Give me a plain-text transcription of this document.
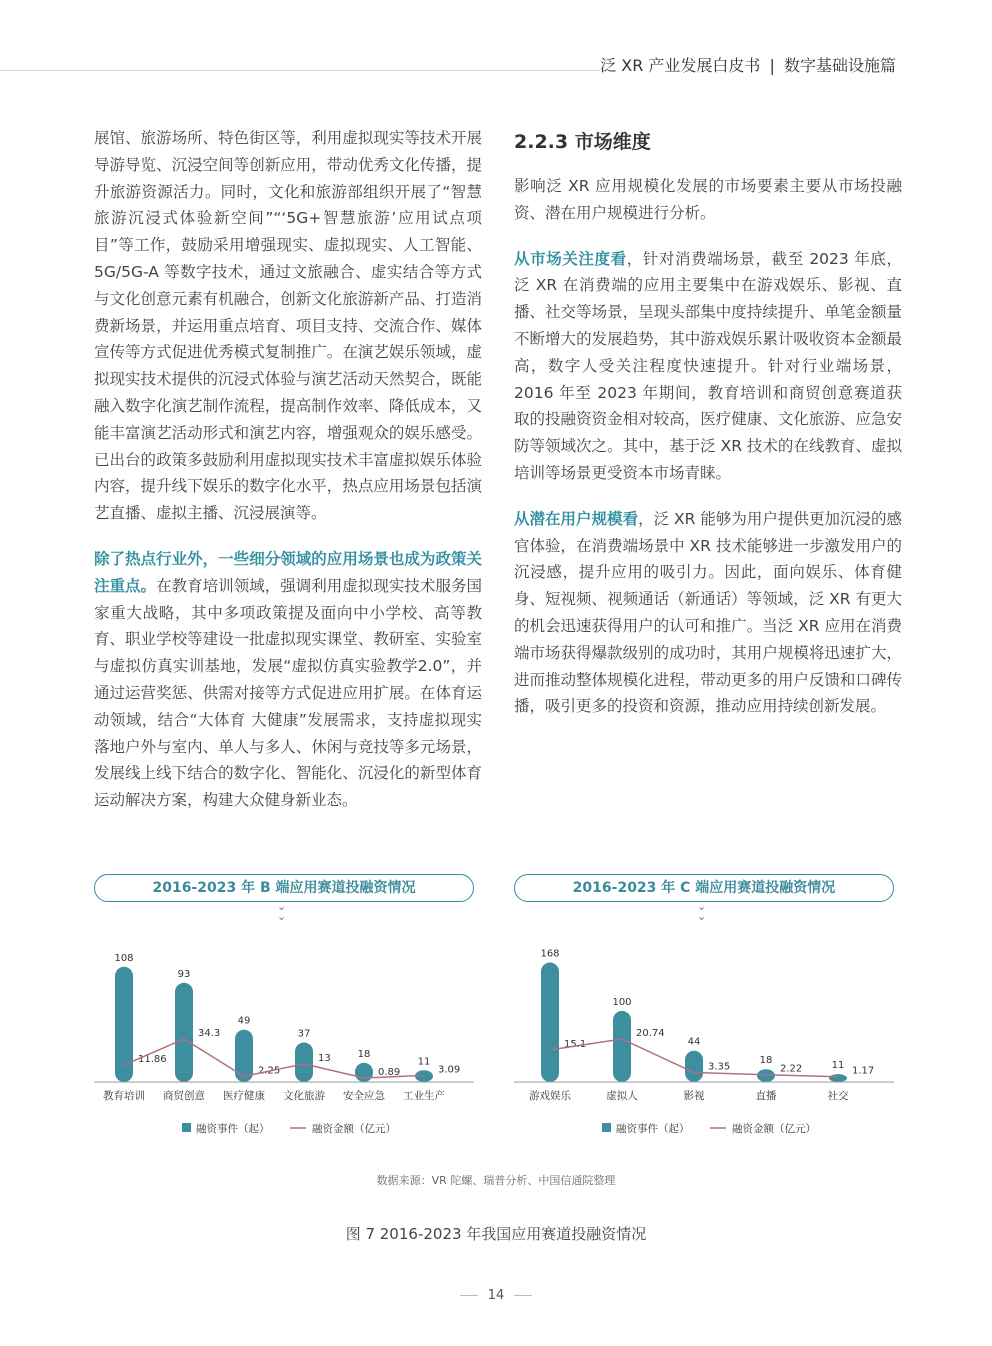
泛 XR 产业发展白皮书 | 数字基础设施篇

展馆、旅游场所、特色街区等，利用虚拟现实等技术开展导游导览、沉浸空间等创新应用，带动优秀文化传播，提升旅游资源活力。同时，文化和旅游部组织开展了“智慧旅游沉浸式体验新空间”“‘5G+智慧旅游’应用试点项目”等工作，鼓励采用增强现实、虚拟现实、人工智能、5G/5G-A 等数字技术，通过文旅融合、虚实结合等方式与文化创意元素有机融合，创新文化旅游新产品、打造消费新场景，并运用重点培育、项目支持、交流合作、媒体宣传等方式促进优秀模式复制推广。在演艺娱乐领域，虚拟现实技术提供的沉浸式体验与演艺活动天然契合，既能融入数字化演艺制作流程，提高制作效率、降低成本，又能丰富演艺活动形式和演艺内容，增强观众的娱乐感受。已出台的政策多鼓励利用虚拟现实技术丰富虚拟娱乐体验内容，提升线下娱乐的数字化水平，热点应用场景包括演艺直播、虚拟主播、沉浸展演等。

除了热点行业外，一些细分领域的应用场景也成为政策关注重点。在教育培训领域，强调利用虚拟现实技术服务国家重大战略，其中多项政策提及面向中小学校、高等教育、职业学校等建设一批虚拟现实课堂、教研室、实验室与虚拟仿真实训基地，发展“虚拟仿真实验教学2.0”，并通过运营奖惩、供需对接等方式促进应用扩展。在体育运动领域，结合“大体育 大健康”发展需求，支持虚拟现实落地户外与室内、单人与多人、休闲与竞技等多元场景，发展线上线下结合的数字化、智能化、沉浸化的新型体育运动解决方案，构建大众健身新业态。

2.2.3 市场维度

影响泛 XR 应用规模化发展的市场要素主要从市场投融资、潜在用户规模进行分析。

从市场关注度看，针对消费端场景，截至 2023 年底，泛 XR 在消费端的应用主要集中在游戏娱乐、影视、直播、社交等场景，呈现头部集中度持续提升、单笔金额量不断增大的发展趋势，其中游戏娱乐累计吸收资本金额最高，数字人受关注程度快速提升。针对行业端场景，2016 年至 2023 年期间，教育培训和商贸创意赛道获取的投融资资金相对较高，医疗健康、文化旅游、应急安防等领域次之。其中，基于泛 XR 技术的在线教育、虚拟培训等场景更受资本市场青睐。

从潜在用户规模看，泛 XR 能够为用户提供更加沉浸的感官体验，在消费端场景中 XR 技术能够进一步激发用户的沉浸感，提升应用的吸引力。因此，面向娱乐、体育健身、短视频、视频通话（新通话）等领域，泛 XR 有更大的机会迅速获得用户的认可和推广。当泛 XR 应用在消费端市场获得爆款级别的成功时，其用户规模将迅速扩大，进而推动整体规模化进程，带动更多的用户反馈和口碑传播，吸引更多的投资和资源，推动应用持续创新发展。

2016-2023 年 B 端应用赛道投融资情况
⌄
⌄
108
教育培训
11.86
93
商贸创意
34.3
49
医疗健康
2.25
37
文化旅游
13	18
安全应急
0.89
11
工业生产
3.09
融资事件（起）	融资金额（亿元）
2016-2023 年 C 端应用赛道投融资情况
⌄
⌄
168
游戏娱乐
15.1
100
虚拟人
20.74
44
影视
3.35
18
直播
2.22	11
社交
1.17
融资事件（起）	融资金额（亿元）
数据来源：VR 陀螺、瑞普分析、中国信通院整理
图 7 2016-2023 年我国应用赛道投融资情况
14
